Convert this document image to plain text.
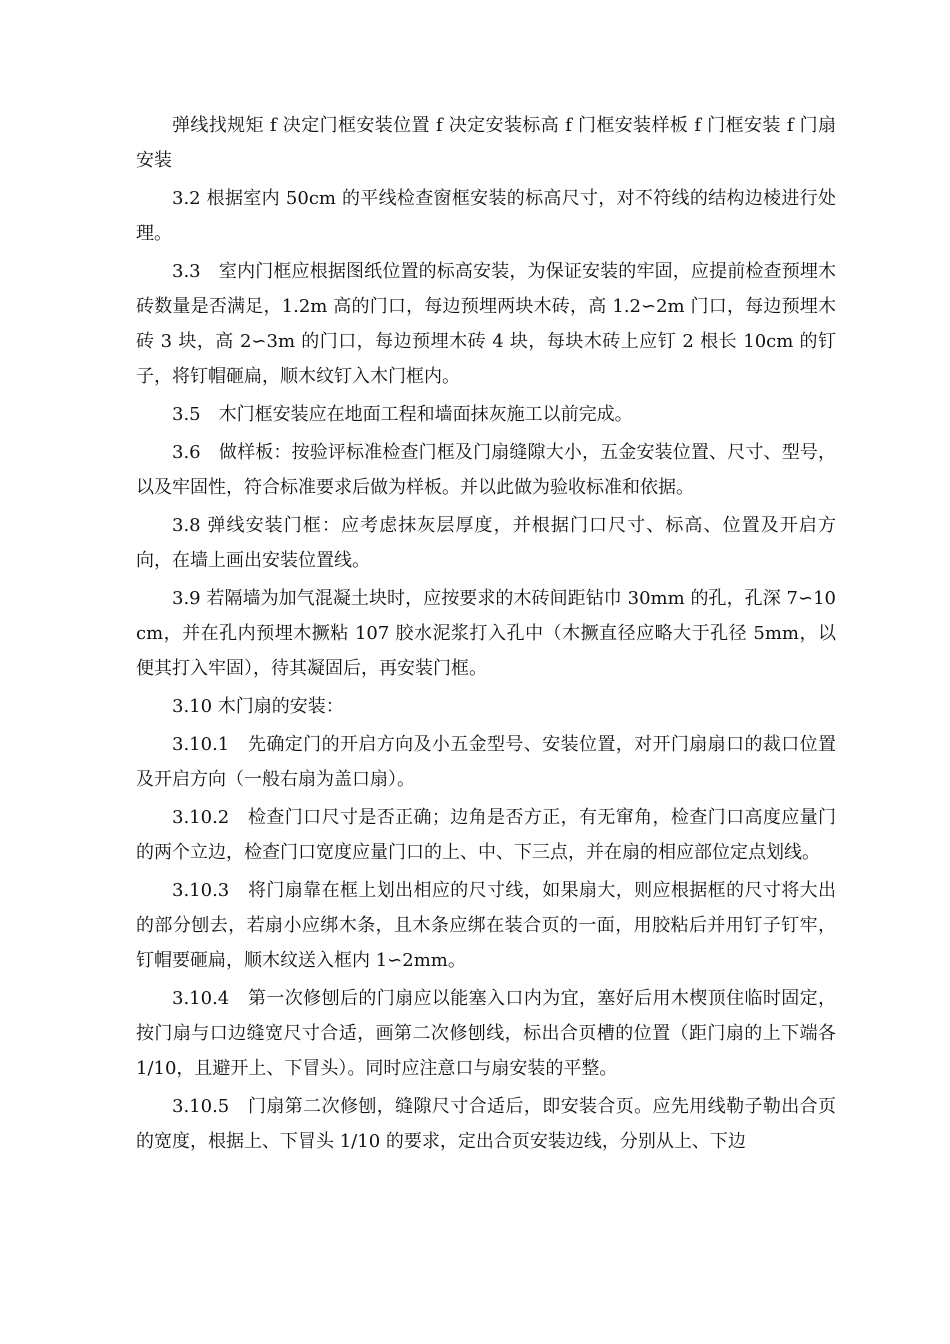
弹线找规矩 f 决定门框安装位置 f 决定安装标高 f 门框安装样板 f 门框安装 f 门扇安装

3.2 根据室内 50cm 的平线检查窗框安装的标高尺寸，对不符线的结构边棱进行处理。

3.3　室内门框应根据图纸位置的标高安装，为保证安装的牢固，应提前检查预埋木砖数量是否满足，1.2m 高的门口，每边预埋两块木砖，高 1.2∽2m 门口，每边预埋木砖 3 块，高 2∽3m 的门口，每边预埋木砖 4 块，每块木砖上应钉 2 根长 10cm 的钉子，将钉帽砸扁，顺木纹钉入木门框内。

3.5　木门框安装应在地面工程和墙面抹灰施工以前完成。

3.6　做样板：按验评标准检查门框及门扇缝隙大小，五金安装位置、尺寸、型号，以及牢固性，符合标准要求后做为样板。并以此做为验收标准和依据。

3.8 弹线安装门框：应考虑抹灰层厚度，并根据门口尺寸、标高、位置及开启方向，在墙上画出安装位置线。

3.9 若隔墙为加气混凝土块时，应按要求的木砖间距钻巾 30mm 的孔，孔深 7∽10cm，并在孔内预埋木撅粘 107 胶水泥浆打入孔中（木撅直径应略大于孔径 5mm，以便其打入牢固），待其凝固后，再安装门框。

3.10 木门扇的安装：

3.10.1　先确定门的开启方向及小五金型号、安装位置，对开门扇扇口的裁口位置及开启方向（一般右扇为盖口扇）。

3.10.2　检查门口尺寸是否正确；边角是否方正，有无窜角，检查门口高度应量门的两个立边，检查门口宽度应量门口的上、中、下三点，并在扇的相应部位定点划线。

3.10.3　将门扇靠在框上划出相应的尺寸线，如果扇大，则应根据框的尺寸将大出的部分刨去，若扇小应绑木条，且木条应绑在装合页的一面，用胶粘后并用钉子钉牢，钉帽要砸扁，顺木纹送入框内 1∽2mm。

3.10.4　第一次修刨后的门扇应以能塞入口内为宜，塞好后用木楔顶住临时固定，按门扇与口边缝宽尺寸合适，画第二次修刨线，标出合页槽的位置（距门扇的上下端各 1/10，且避开上、下冒头）。同时应注意口与扇安装的平整。

3.10.5　门扇第二次修刨，缝隙尺寸合适后，即安装合页。应先用线勒子勒出合页的宽度，根据上、下冒头 1/10 的要求，定出合页安装边线，分别从上、下边
